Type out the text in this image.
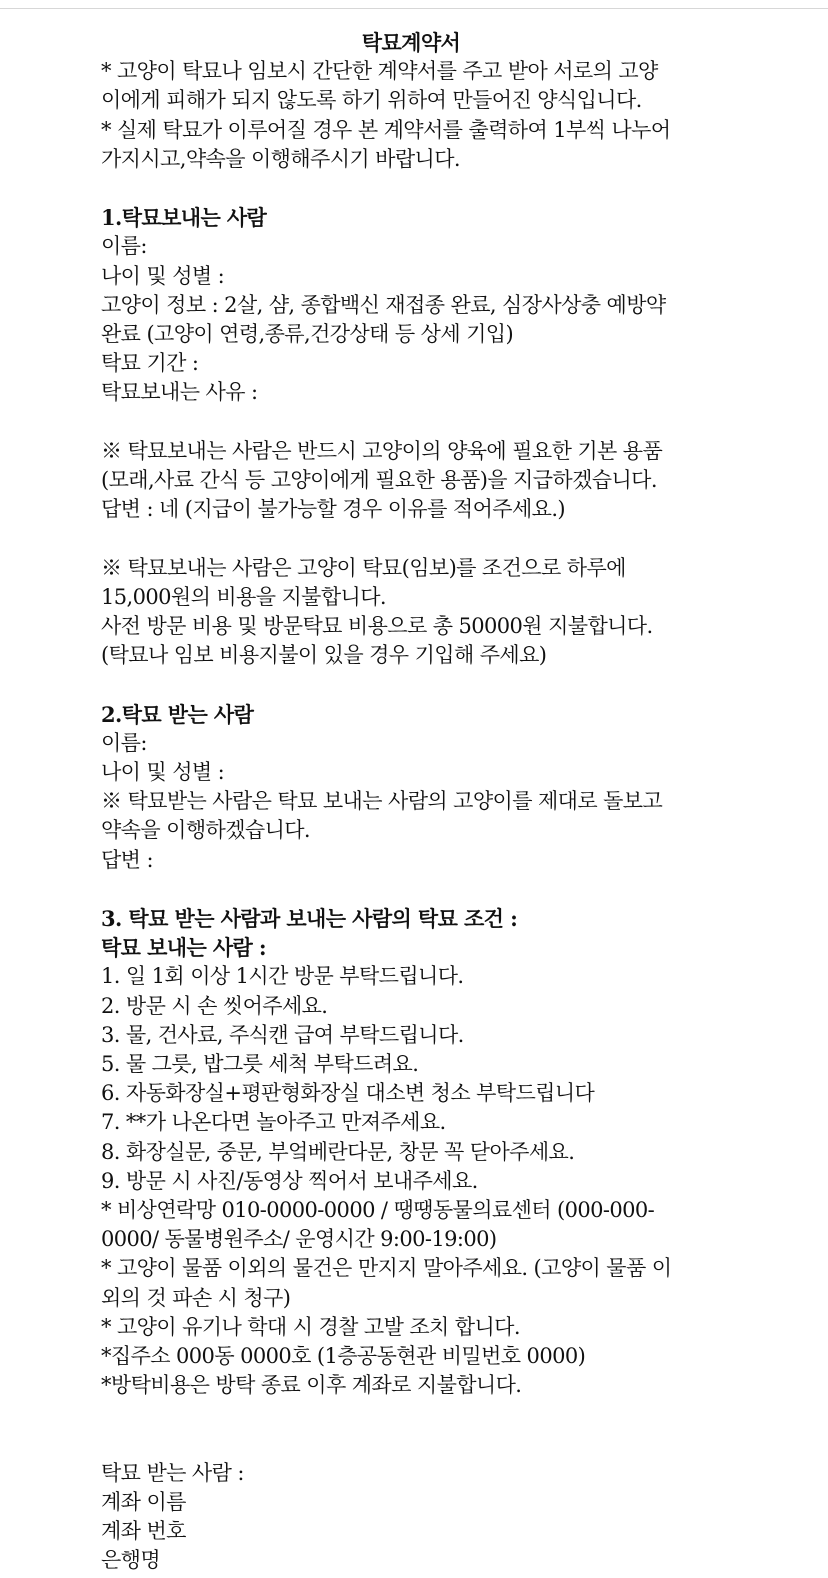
탁묘계약서
* 고양이 탁묘나 임보시 간단한 계약서를 주고 받아 서로의 고양
이에게 피해가 되지 않도록 하기 위하여 만들어진 양식입니다.
* 실제 탁묘가 이루어질 경우 본 계약서를 출력하여 1부씩 나누어
가지시고,약속을 이행해주시기 바랍니다.
1.탁묘보내는 사람
이름:
나이 및 성별 :
고양이 정보 : 2살, 샴, 종합백신 재접종 완료, 심장사상충 예방약
완료 (고양이 연령,종류,건강상태 등 상세 기입)
탁묘 기간 :
탁묘보내는 사유 :
※ 탁묘보내는 사람은 반드시 고양이의 양육에 필요한 기본 용품
(모래,사료 간식 등 고양이에게 필요한 용품)을 지급하겠습니다.
답변 : 네 (지급이 불가능할 경우 이유를 적어주세요.)
※ 탁묘보내는 사람은 고양이 탁묘(임보)를 조건으로 하루에
15,000원의 비용을 지불합니다.
사전 방문 비용 및 방문탁묘 비용으로 총 50000원 지불합니다.
(탁묘나 임보 비용지불이 있을 경우 기입해 주세요)
2.탁묘 받는 사람
이름:
나이 및 성별 :
※ 탁묘받는 사람은 탁묘 보내는 사람의 고양이를 제대로 돌보고
약속을 이행하겠습니다.
답변 :
3. 탁묘 받는 사람과 보내는 사람의 탁묘 조건 :
탁묘 보내는 사람 :
1. 일 1회 이상 1시간 방문 부탁드립니다.
2. 방문 시 손 씻어주세요.
3. 물, 건사료, 주식캔 급여 부탁드립니다.
5. 물 그릇, 밥그릇 세척 부탁드려요.
6. 자동화장실+평판형화장실 대소변 청소 부탁드립니다
7. **가 나온다면 놀아주고 만져주세요.
8. 화장실문, 중문, 부엌베란다문, 창문 꼭 닫아주세요.
9. 방문 시 사진/동영상 찍어서 보내주세요.
* 비상연락망 010-0000-0000 / 땡땡동물의료센터 (000-000-
0000/ 동물병원주소/ 운영시간 9:00-19:00)
* 고양이 물품 이외의 물건은 만지지 말아주세요. (고양이 물품 이
외의 것 파손 시 청구)
* 고양이 유기나 학대 시 경찰 고발 조치 합니다.
*집주소 000동 0000호 (1층공동현관 비밀번호 0000)
*방탁비용은 방탁 종료 이후 계좌로 지불합니다.
탁묘 받는 사람 :
계좌 이름
계좌 번호
은행명
